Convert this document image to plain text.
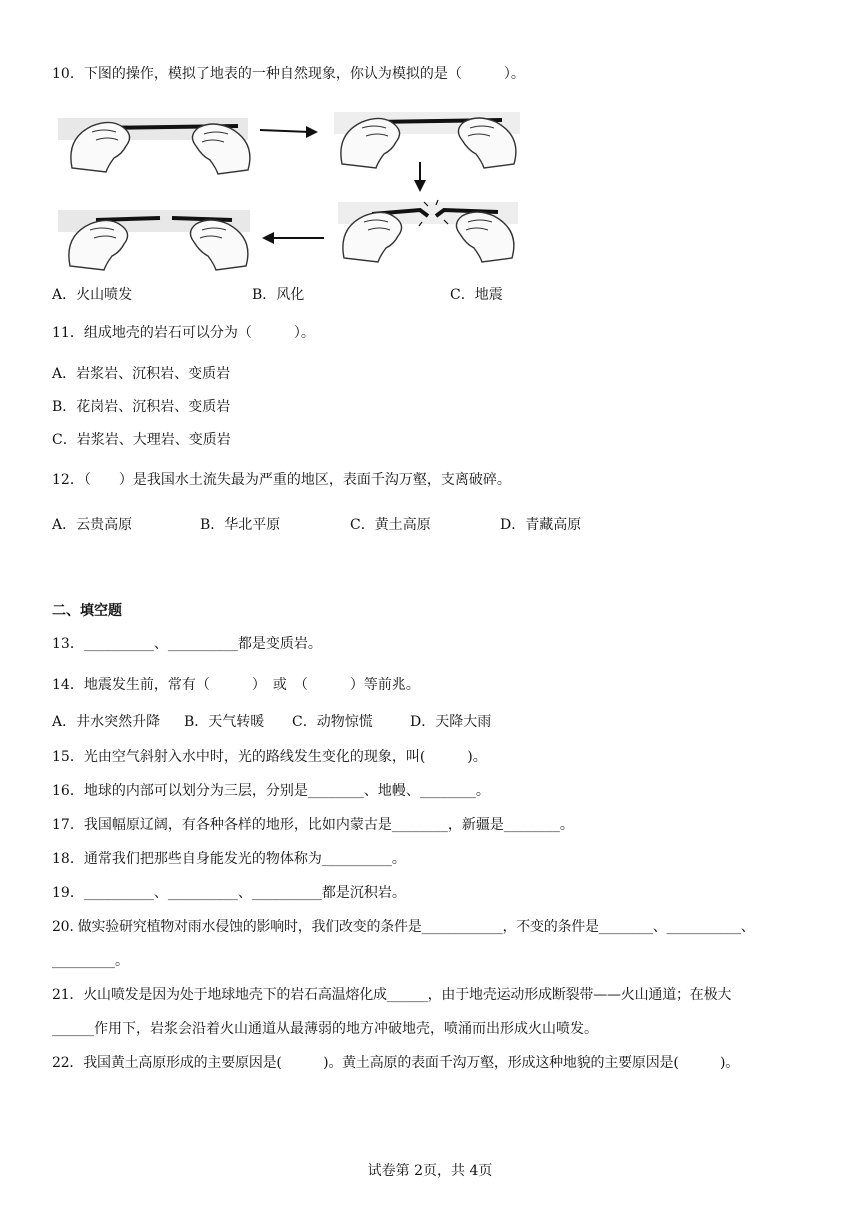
10．下图的操作，模拟了地表的一种自然现象，你认为模拟的是（　　　）。
A．火山喷发	B．风化	C．地震
11．组成地壳的岩石可以分为（　　　）。
A．岩浆岩、沉积岩、变质岩
B．花岗岩、沉积岩、变质岩
C．岩浆岩、大理岩、变质岩
12．（　　）是我国水土流失最为严重的地区，表面千沟万壑，支离破碎。
A．云贵高原	B．华北平原	C．黄土高原	D．青藏高原
二、填空题
13．__________、__________都是变质岩。
14．地震发生前，常有（　　　）　或　（　　　）等前兆。
A．井水突然升降 B．天气转暖 C．动物惊慌	D．天降大雨
15．光由空气斜射入水中时，光的路线发生变化的现象，叫(　　　)。
16．地球的内部可以划分为三层，分别是________、地幔、________。
17．我国幅原辽阔，有各种各样的地形，比如内蒙古是________，新疆是________。
18．通常我们把那些自身能发光的物体称为__________。
19．__________、__________、__________都是沉积岩。
20. 做实验研究植物对雨水侵蚀的影响时，我们改变的条件是____________，不变的条件是________、___________、
_________。
21．火山喷发是因为处于地球地壳下的岩石高温熔化成______，由于地壳运动形成断裂带——火山通道；在极大
______作用下，岩浆会沿着火山通道从最薄弱的地方冲破地壳，喷涌而出形成火山喷发。
22．我国黄土高原形成的主要原因是(　　　)。黄土高原的表面千沟万壑，形成这种地貌的主要原因是(　　　)。
试卷第 2页，共 4页
